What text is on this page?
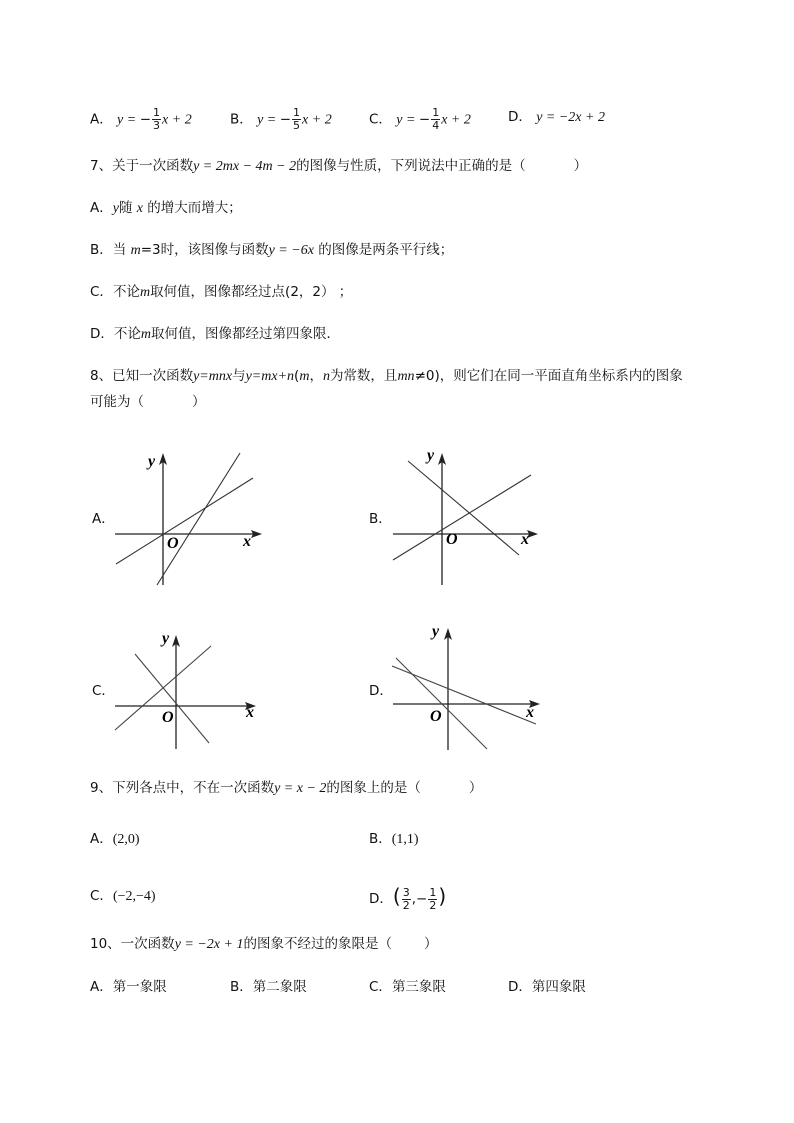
A． y = − $\frac{1}{3}$ x + 2	B． y = − $\frac{1}{5}$ x + 2	C． y = − $\frac{1}{4}$ x + 2	D． y = −2x + 2
7、关于一次函数y = 2mx − 4m − 2的图像与性质，下列说法中正确的是（	）
A．y随 x 的增大而增大；
B．当 m=3时，该图像与函数y = −6x 的图像是两条平行线；
C．不论m取何值，图像都经过点(2，2） ；
D．不论m取何值，图像都经过第四象限．
8、已知一次函数y=mnx与y=mx+n(m，n为常数，且mn≠0)，则它们在同一平面直角坐标系内的图象
可能为（	）
A．	B．
C．	D．
y
x
O
y
x
O
y
x
O
y
x
O
9、下列各点中，不在一次函数y = x − 2的图象上的是（	）
A．(2,0)	B．(1,1)
C．(−2,−4)	D．( $\frac{3}{2}$ ,− $\frac{1}{2}$ )
10、一次函数y = −2x + 1的图象不经过的象限是（ ）
A．第一象限	B．第二象限	C．第三象限	D．第四象限
